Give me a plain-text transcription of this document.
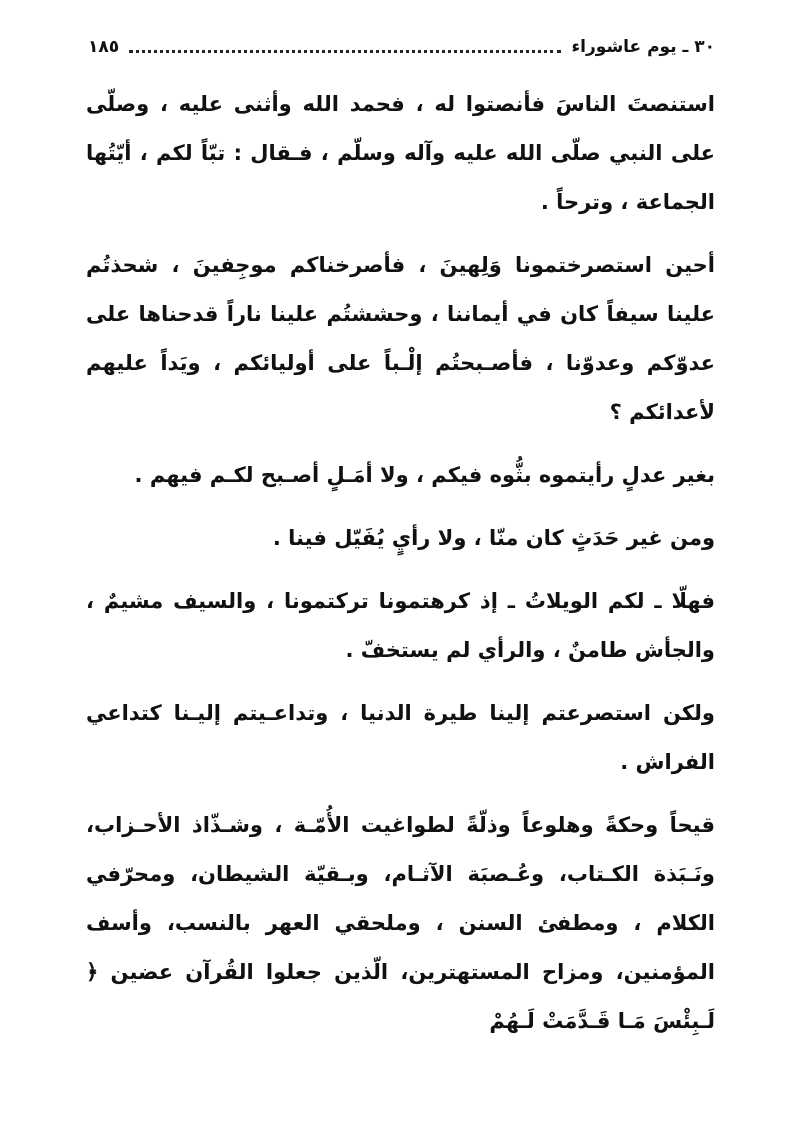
٣٠ ـ يوم عاشوراء
١٨٥

استنصتَ الناسَ فأنصتوا له ، فحمد الله وأثنى عليه ، وصلّى على النبي صلّى الله عليه وآله وسلّم ، فـقال : تبّاً لكم ، أيّتُها الجماعة ، وترحاً .

أحين استصرختمونا وَلِهينَ ، فأصرخناكم موجِفينَ ، شحذتُم علينا سيفاً كان في أيماننا ، وحششتُم علينا ناراً قدحناها على عدوّكم وعدوّنا ، فأصـبحتُم إلْـباً على أوليائكم ، ويَداً عليهم لأعدائكم ؟

بغير عدلٍ رأيتموه بثُّوه فيكم ، ولا أمَـلٍ أصـبح لكـم فيهم .

ومن غير حَدَثٍ كان منّا ، ولا رأيٍ يُفَيّل فينا .

فهلّا ـ لكم الويلاتُ ـ إذ كرهتمونا تركتمونا ، والسيف مشيمٌ ، والجأش طامنٌ ، والرأي لم يستخفّ .

ولكن استصرعتم إلينا طيرة الدنيا ، وتداعـيتم إليـنا كتداعي الفراش .

قيحاً وحكةً وهلوعاً وذلّةً لطواغيت الأُمّـة ، وشـذّاذ الأحـزاب، ونَـبَذة الكـتاب، وعُـصبَة الآثـام، وبـقيّة الشيطان، ومحرّفي الكلام ، ومطفئ السنن ، وملحقي العهر بالنسب، وأسف المؤمنين، ومزاح المستهترين، الّذين جعلوا القُرآن عضين ﴿ لَـبِئْسَ مَـا قَـدَّمَتْ لَـهُمْ
